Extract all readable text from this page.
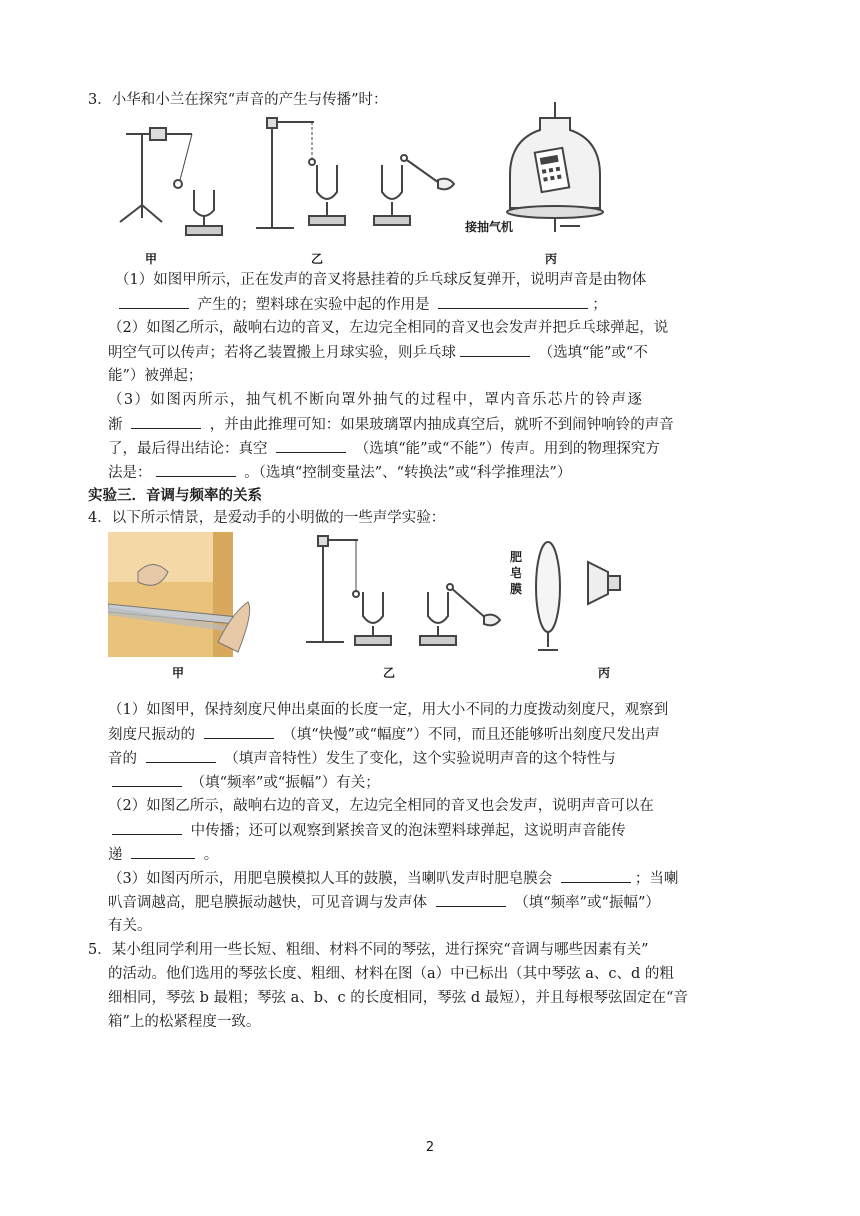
3．小华和小兰在探究“声音的产生与传播”时：
甲	乙
接抽气机
丙
（1）如图甲所示，正在发声的音叉将悬挂着的乒乓球反复弹开，说明声音是由物体
产生的；塑料球在实验中起的作用是	；
（2）如图乙所示，敲响右边的音叉，左边完全相同的音叉也会发声并把乒乓球弹起，说
明空气可以传声；若将乙装置搬上月球实验，则乒乓球	（选填“能”或“不
能”）被弹起；
（3）如图丙所示，抽气机不断向罩外抽气的过程中，罩内音乐芯片的铃声逐
渐	，并由此推理可知：如果玻璃罩内抽成真空后，就听不到闹钟响铃的声音
了，最后得出结论：真空	（选填“能”或“不能”）传声。用到的物理探究方
法是：	。（选填“控制变量法”、“转换法”或“科学推理法”）
实验三．音调与频率的关系
4．以下所示情景，是爱动手的小明做的一些声学实验：
肥
皂
膜
甲	乙	丙
（1）如图甲，保持刻度尺伸出桌面的长度一定，用大小不同的力度拨动刻度尺，观察到
刻度尺振动的	（填“快慢”或“幅度”）不同，而且还能够听出刻度尺发出声
音的	（填声音特性）发生了变化，这个实验说明声音的这个特性与
（填“频率”或“振幅”）有关；
（2）如图乙所示，敲响右边的音叉，左边完全相同的音叉也会发声，说明声音可以在
中传播；还可以观察到紧挨音叉的泡沫塑料球弹起，这说明声音能传
递	。
（3）如图丙所示，用肥皂膜模拟人耳的鼓膜，当喇叭发声时肥皂膜会	；当喇
叭音调越高，肥皂膜振动越快，可见音调与发声体	（填“频率”或“振幅”）
有关。
5．某小组同学利用一些长短、粗细、材料不同的琴弦，进行探究“音调与哪些因素有关”
的活动。他们选用的琴弦长度、粗细、材料在图（a）中已标出（其中琴弦 a、c、d 的粗
细相同，琴弦 b 最粗；琴弦 a、b、c 的长度相同，琴弦 d 最短），并且每根琴弦固定在“音
箱”上的松紧程度一致。
2
